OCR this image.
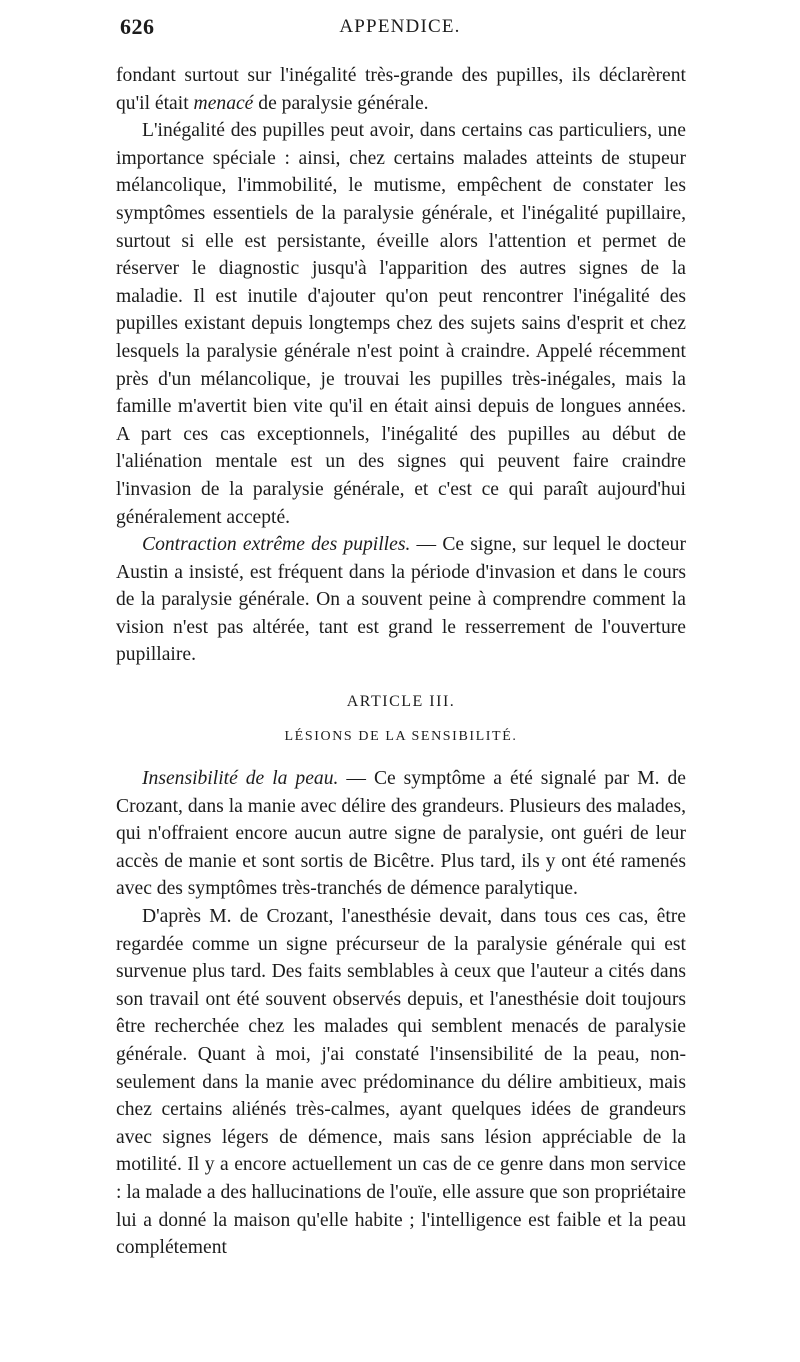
626	APPENDICE.

fondant surtout sur l'inégalité très-grande des pupilles, ils déclarèrent qu'il était menacé de paralysie générale.

L'inégalité des pupilles peut avoir, dans certains cas particuliers, une importance spéciale : ainsi, chez certains malades atteints de stupeur mélancolique, l'immobilité, le mutisme, empêchent de constater les symptômes essentiels de la paralysie générale, et l'inégalité pupillaire, surtout si elle est persistante, éveille alors l'attention et permet de réserver le diagnostic jusqu'à l'apparition des autres signes de la maladie. Il est inutile d'ajouter qu'on peut rencontrer l'inégalité des pupilles existant depuis longtemps chez des sujets sains d'esprit et chez lesquels la paralysie générale n'est point à craindre. Appelé récemment près d'un mélancolique, je trouvai les pupilles très-inégales, mais la famille m'avertit bien vite qu'il en était ainsi depuis de longues années. A part ces cas exceptionnels, l'inégalité des pupilles au début de l'aliénation mentale est un des signes qui peuvent faire craindre l'invasion de la paralysie générale, et c'est ce qui paraît aujourd'hui généralement accepté.

Contraction extrême des pupilles. — Ce signe, sur lequel le docteur Austin a insisté, est fréquent dans la période d'invasion et dans le cours de la paralysie générale. On a souvent peine à comprendre comment la vision n'est pas altérée, tant est grand le resserrement de l'ouverture pupillaire.

ARTICLE III.
LÉSIONS DE LA SENSIBILITÉ.

Insensibilité de la peau. — Ce symptôme a été signalé par M. de Crozant, dans la manie avec délire des grandeurs. Plusieurs des malades, qui n'offraient encore aucun autre signe de paralysie, ont guéri de leur accès de manie et sont sortis de Bicêtre. Plus tard, ils y ont été ramenés avec des symptômes très-tranchés de démence paralytique.

D'après M. de Crozant, l'anesthésie devait, dans tous ces cas, être regardée comme un signe précurseur de la paralysie générale qui est survenue plus tard. Des faits semblables à ceux que l'auteur a cités dans son travail ont été souvent observés depuis, et l'anesthésie doit toujours être recherchée chez les malades qui semblent menacés de paralysie générale. Quant à moi, j'ai constaté l'insensibilité de la peau, non-seulement dans la manie avec prédominance du délire ambitieux, mais chez certains aliénés très-calmes, ayant quelques idées de grandeurs avec signes légers de démence, mais sans lésion appréciable de la motilité. Il y a encore actuellement un cas de ce genre dans mon service : la malade a des hallucinations de l'ouïe, elle assure que son propriétaire lui a donné la maison qu'elle habite ; l'intelligence est faible et la peau complétement
